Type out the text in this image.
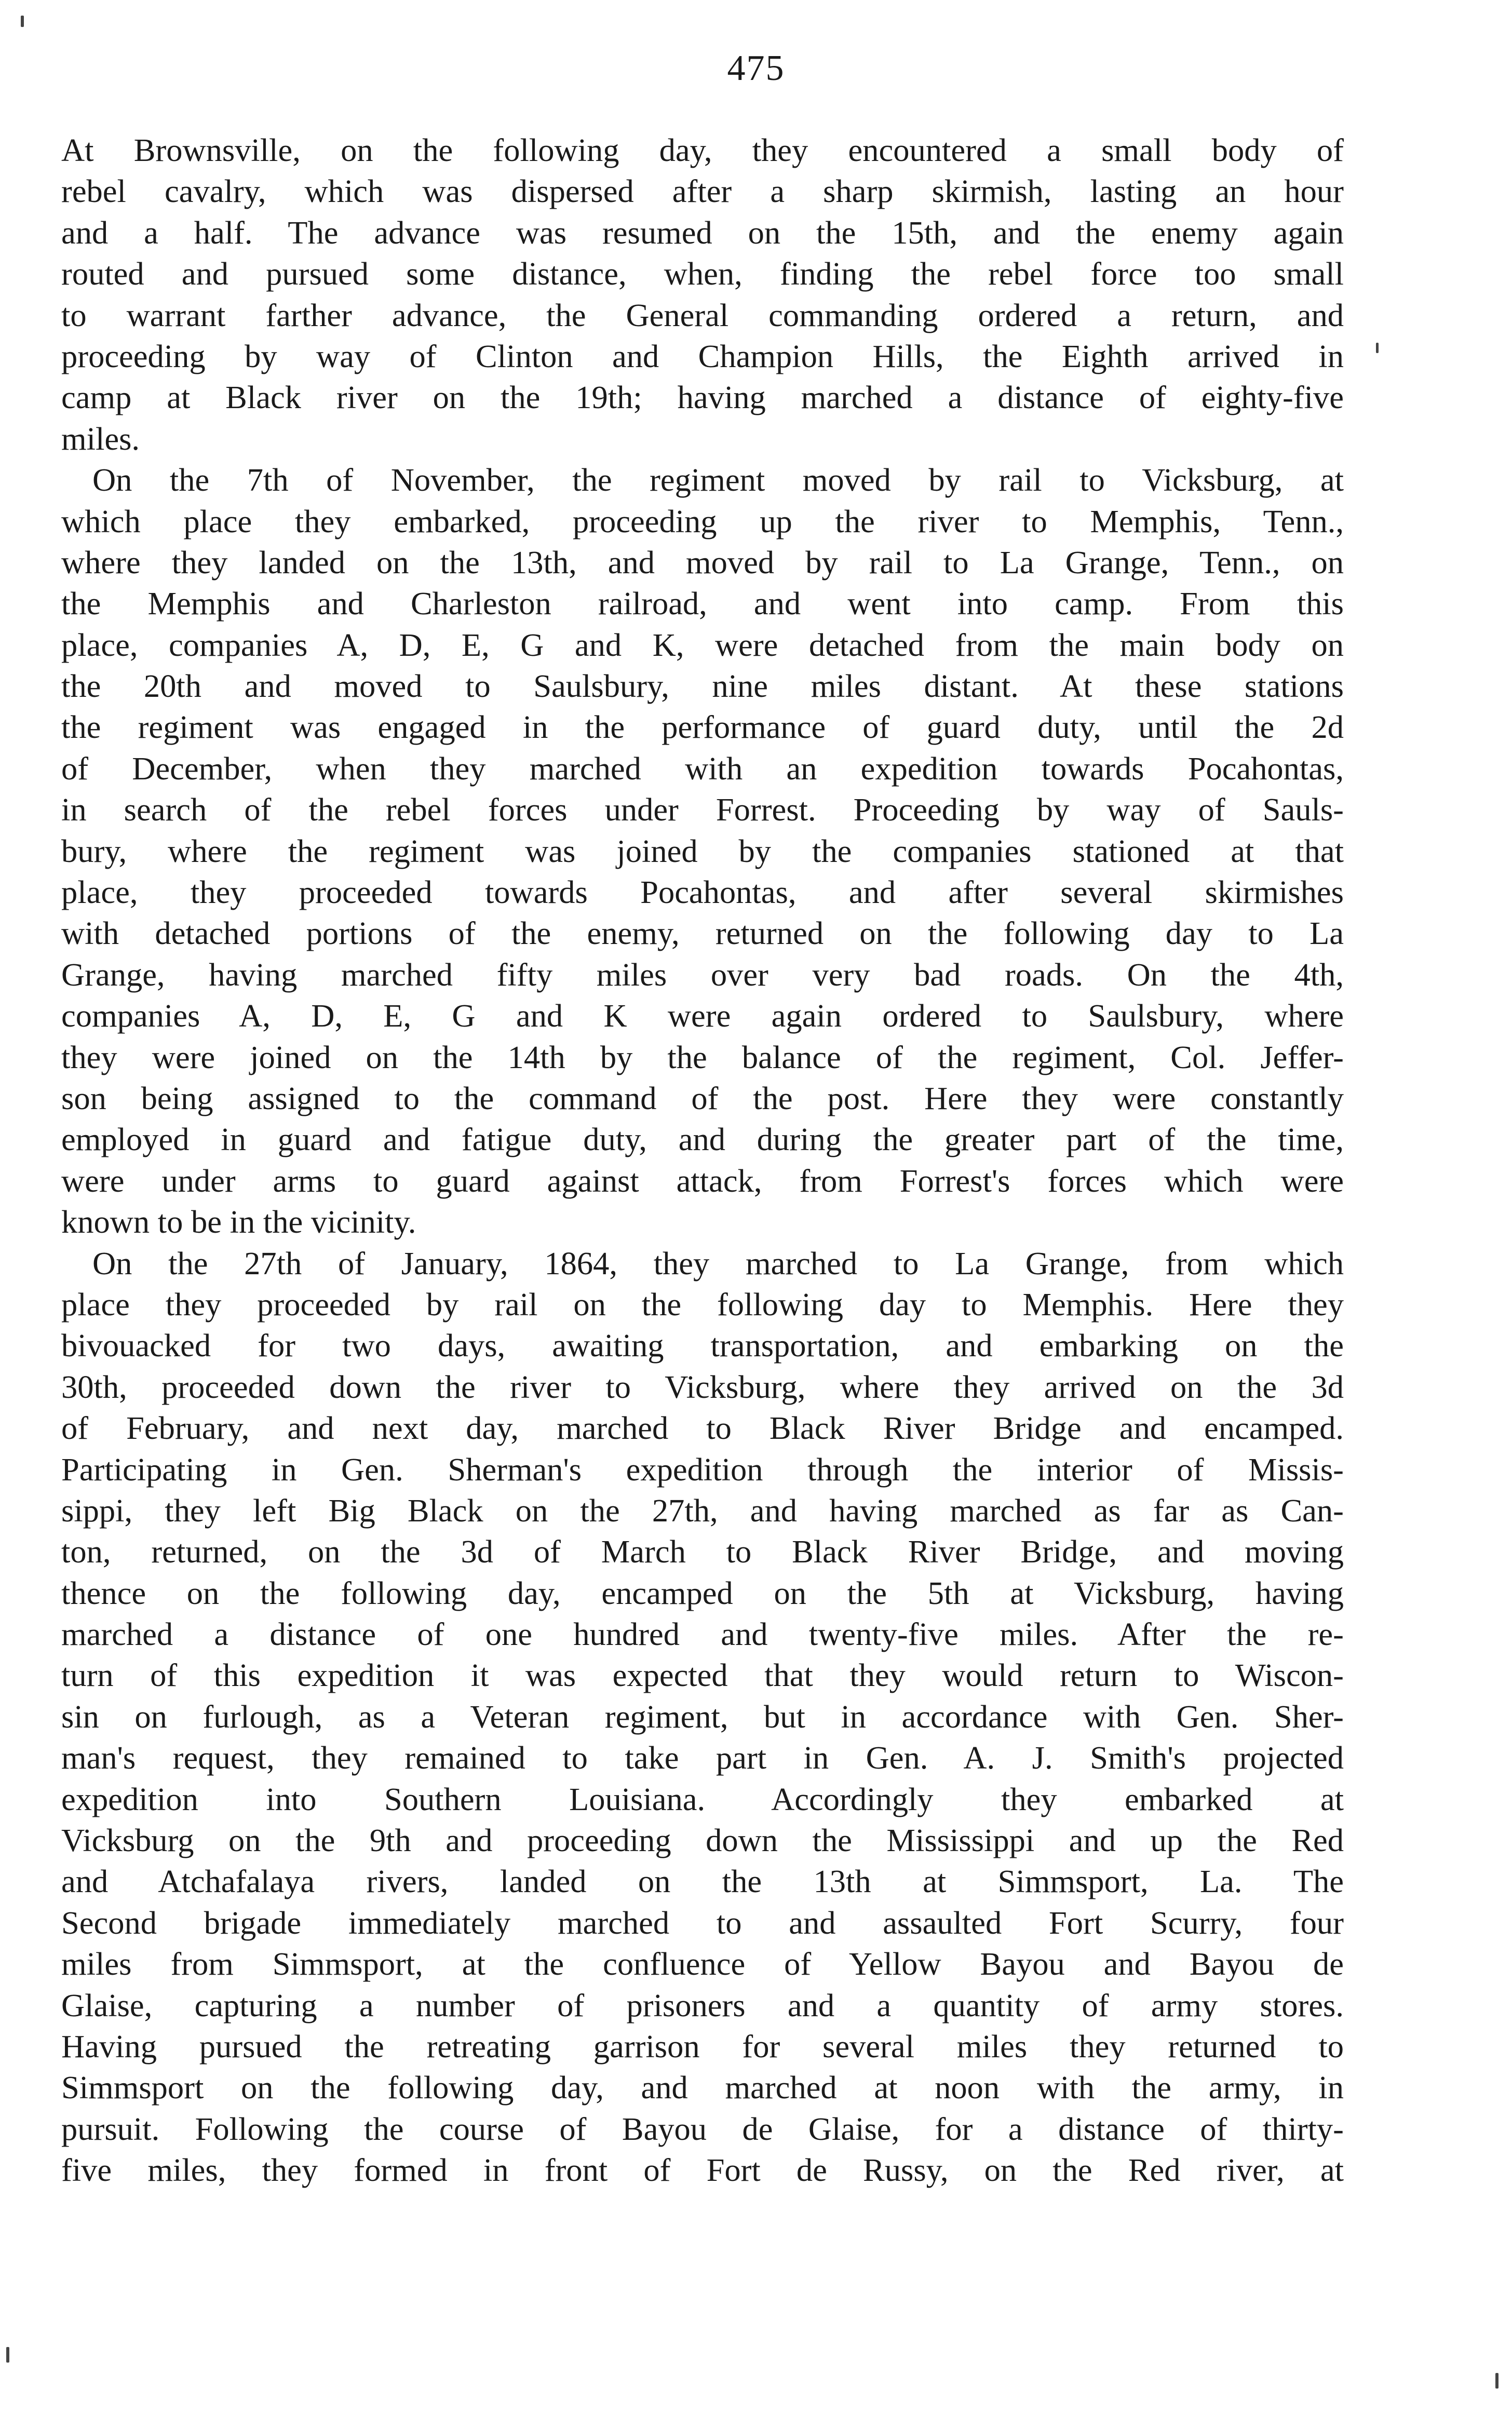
475
At Brownsville, on the following day, they encountered a small body of
rebel cavalry, which was dispersed after a sharp skirmish, lasting an hour
and a half. The advance was resumed on the 15th, and the enemy again
routed and pursued some distance, when, finding the rebel force too small
to warrant farther advance, the General commanding ordered a return, and
proceeding by way of Clinton and Champion Hills, the Eighth arrived in
camp at Black river on the 19th; having marched a distance of eighty-five
miles.
On the 7th of November, the regiment moved by rail to Vicksburg, at
which place they embarked, proceeding up the river to Memphis, Tenn.,
where they landed on the 13th, and moved by rail to La Grange, Tenn., on
the Memphis and Charleston railroad, and went into camp. From this
place, companies A, D, E, G and K, were detached from the main body on
the 20th and moved to Saulsbury, nine miles distant. At these stations
the regiment was engaged in the performance of guard duty, until the 2d
of December, when they marched with an expedition towards Pocahontas,
in search of the rebel forces under Forrest. Proceeding by way of Sauls-
bury, where the regiment was joined by the companies stationed at that
place, they proceeded towards Pocahontas, and after several skirmishes
with detached portions of the enemy, returned on the following day to La
Grange, having marched fifty miles over very bad roads. On the 4th,
companies A, D, E, G and K were again ordered to Saulsbury, where
they were joined on the 14th by the balance of the regiment, Col. Jeffer-
son being assigned to the command of the post. Here they were constantly
employed in guard and fatigue duty, and during the greater part of the time,
were under arms to guard against attack, from Forrest's forces which were
known to be in the vicinity.
On the 27th of January, 1864, they marched to La Grange, from which
place they proceeded by rail on the following day to Memphis. Here they
bivouacked for two days, awaiting transportation, and embarking on the
30th, proceeded down the river to Vicksburg, where they arrived on the 3d
of February, and next day, marched to Black River Bridge and encamped.
Participating in Gen. Sherman's expedition through the interior of Missis-
sippi, they left Big Black on the 27th, and having marched as far as Can-
ton, returned, on the 3d of March to Black River Bridge, and moving
thence on the following day, encamped on the 5th at Vicksburg, having
marched a distance of one hundred and twenty-five miles. After the re-
turn of this expedition it was expected that they would return to Wiscon-
sin on furlough, as a Veteran regiment, but in accordance with Gen. Sher-
man's request, they remained to take part in Gen. A. J. Smith's projected
expedition into Southern Louisiana. Accordingly they embarked at
Vicksburg on the 9th and proceeding down the Mississippi and up the Red
and Atchafalaya rivers, landed on the 13th at Simmsport, La. The
Second brigade immediately marched to and assaulted Fort Scurry, four
miles from Simmsport, at the confluence of Yellow Bayou and Bayou de
Glaise, capturing a number of prisoners and a quantity of army stores.
Having pursued the retreating garrison for several miles they returned to
Simmsport on the following day, and marched at noon with the army, in
pursuit. Following the course of Bayou de Glaise, for a distance of thirty-
five miles, they formed in front of Fort de Russy, on the Red river, at
